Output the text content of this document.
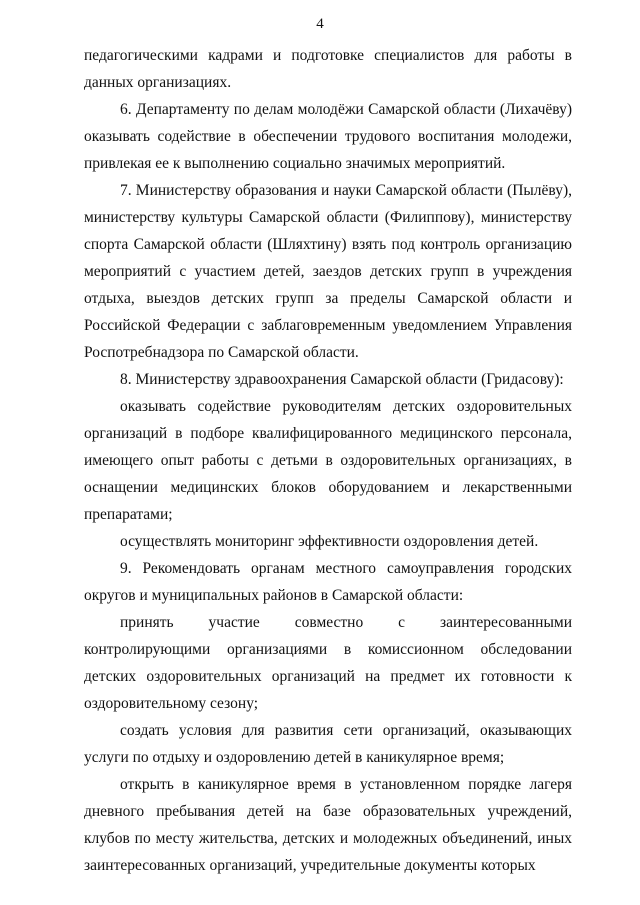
4

педагогическими кадрами и подготовке специалистов для работы в данных организациях.

6. Департаменту по делам молодёжи Самарской области (Лихачёву) оказывать содействие в обеспечении трудового воспитания молодежи, привлекая ее к выполнению социально значимых мероприятий.

7. Министерству образования и науки Самарской области (Пылёву), министерству культуры Самарской области (Филиппову), министерству спорта Самарской области (Шляхтину) взять под контроль организацию мероприятий с участием детей, заездов детских групп в учреждения отдыха, выездов детских групп за пределы Самарской области и Российской Федерации с заблаговременным уведомлением Управления Роспотребнадзора по Самарской области.

8. Министерству здравоохранения Самарской области (Гридасову):

оказывать содействие руководителям детских оздоровительных организаций в подборе квалифицированного медицинского персонала, имеющего опыт работы с детьми в оздоровительных организациях, в оснащении медицинских блоков оборудованием и лекарственными препаратами;

осуществлять мониторинг эффективности оздоровления детей.

9. Рекомендовать органам местного самоуправления городских округов и муниципальных районов в Самарской области:

принять участие совместно с заинтересованными контролирующими организациями в комиссионном обследовании детских оздоровительных организаций на предмет их готовности к оздоровительному сезону;

создать условия для развития сети организаций, оказывающих услуги по отдыху и оздоровлению детей в каникулярное время;

открыть в каникулярное время в установленном порядке лагеря дневного пребывания детей на базе образовательных учреждений, клубов по месту жительства, детских и молодежных объединений, иных заинтересованных организаций, учредительные документы которых
